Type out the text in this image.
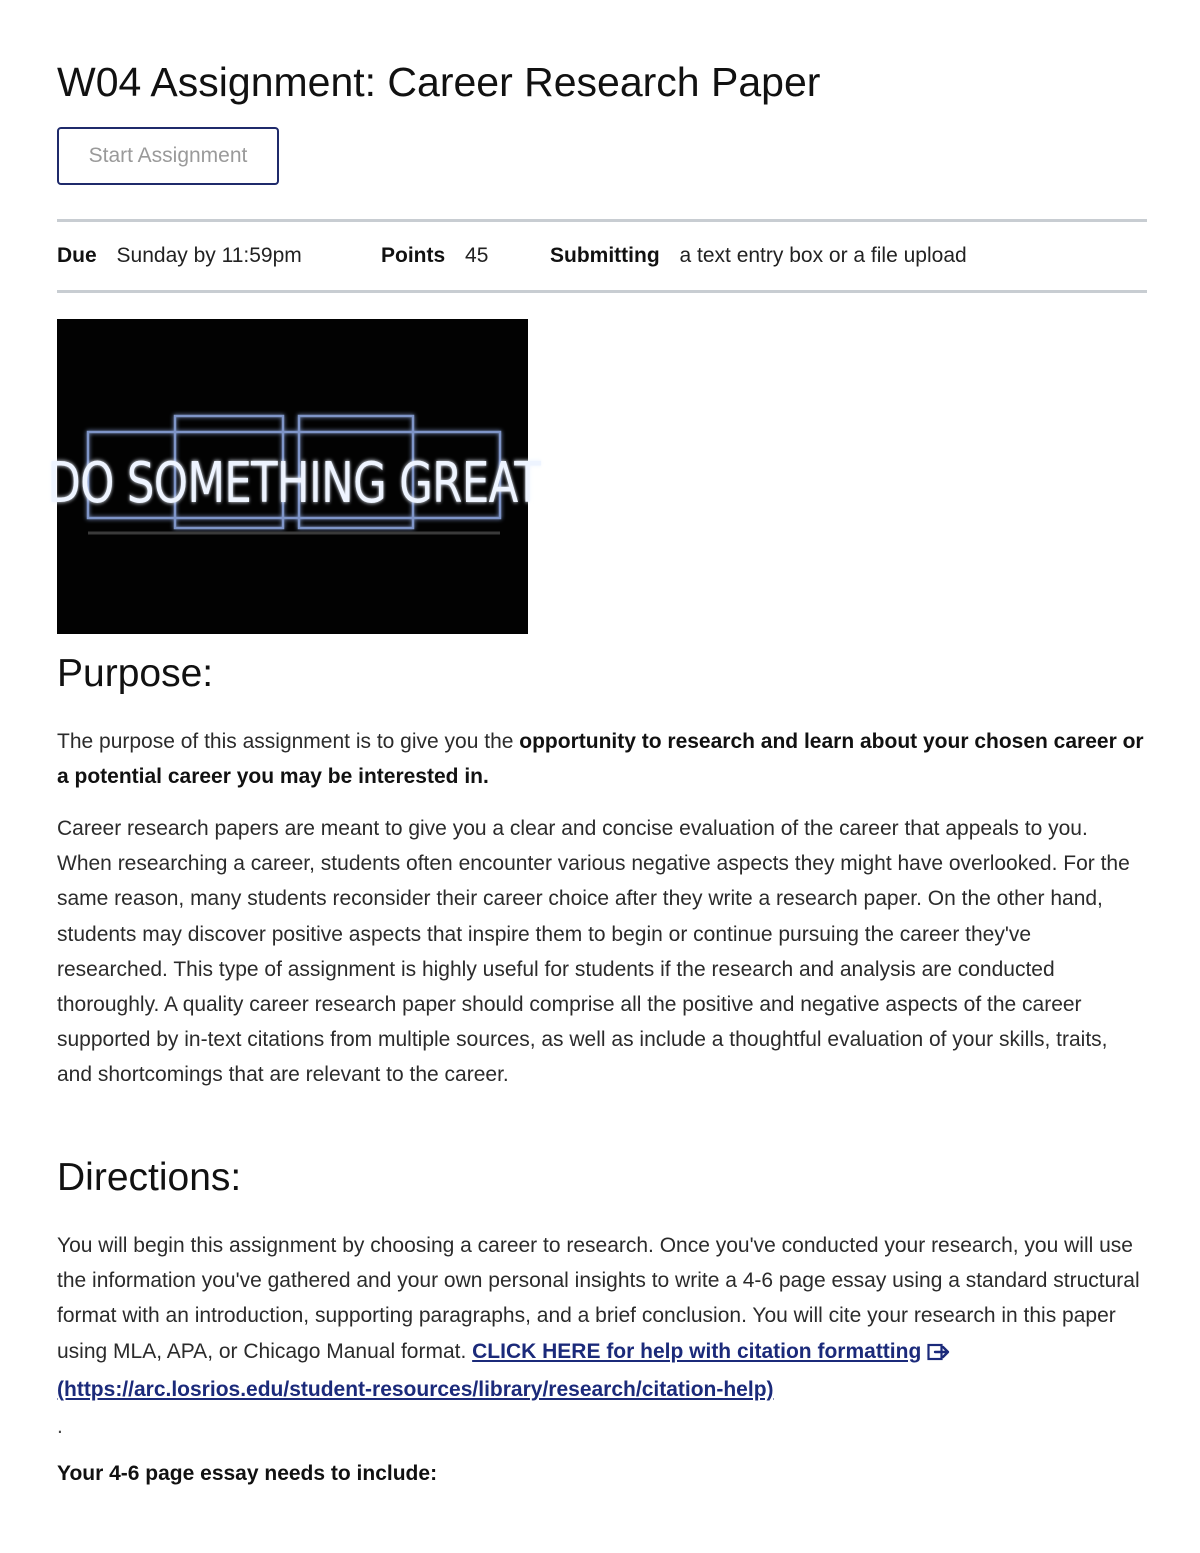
W04 Assignment: Career Research Paper
Start Assignment
Due Sunday by 11:59pm	Points 45	Submitting a text entry box or a file upload
DO SOMETHING GREAT
Purpose:

The purpose of this assignment is to give you the opportunity to research and learn about your chosen career or a potential career you may be interested in.

Career research papers are meant to give you a clear and concise evaluation of the career that appeals to you. When researching a career, students often encounter various negative aspects they might have overlooked. For the same reason, many students reconsider their career choice after they write a research paper. On the other hand, students may discover positive aspects that inspire them to begin or continue pursuing the career they've researched. This type of assignment is highly useful for students if the research and analysis are conducted thoroughly. A quality career research paper should comprise all the positive and negative aspects of the career supported by in-text citations from multiple sources, as well as include a thoughtful evaluation of your skills, traits, and shortcomings that are relevant to the career.

Directions:

You will begin this assignment by choosing a career to research. Once you've conducted your research, you will use the information you've gathered and your own personal insights to write a 4-6 page essay using a standard structural format with an introduction, supporting paragraphs, and a brief conclusion. You will cite your research in this paper using MLA, APA, or Chicago Manual format. CLICK HERE for help with citation formatting(https://arc.losrios.edu/student-resources/library/research/citation-help)

.
Your 4-6 page essay needs to include:
